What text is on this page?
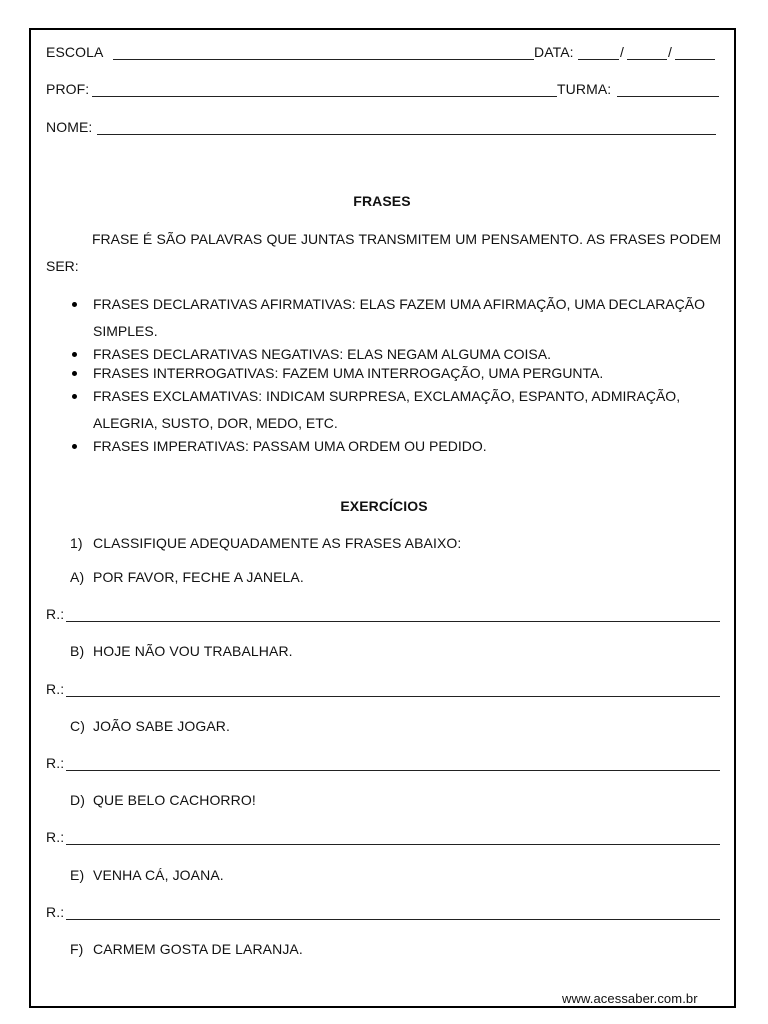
ESCOLA	DATA:	/	/
PROF:	TURMA:
NOME:
FRASES
FRASE É SÃO PALAVRAS QUE JUNTAS TRANSMITEM UM PENSAMENTO. AS FRASES PODEM SER:
FRASES DECLARATIVAS AFIRMATIVAS: ELAS FAZEM UMA AFIRMAÇÃO, UMA DECLARAÇÃO SIMPLES.
FRASES DECLARATIVAS NEGATIVAS: ELAS NEGAM ALGUMA COISA.
FRASES INTERROGATIVAS: FAZEM UMA INTERROGAÇÃO, UMA PERGUNTA.
FRASES EXCLAMATIVAS: INDICAM SURPRESA, EXCLAMAÇÃO, ESPANTO, ADMIRAÇÃO, ALEGRIA, SUSTO, DOR, MEDO, ETC.
FRASES IMPERATIVAS: PASSAM UMA ORDEM OU PEDIDO.
EXERCÍCIOS
1) CLASSIFIQUE ADEQUADAMENTE AS FRASES ABAIXO:
A) POR FAVOR, FECHE A JANELA.
R.:
B) HOJE NÃO VOU TRABALHAR.
R.:
C) JOÃO SABE JOGAR.
R.:
D) QUE BELO CACHORRO!
R.:
E) VENHA CÁ, JOANA.
R.:
F) CARMEM GOSTA DE LARANJA.
www.acessaber.com.br
